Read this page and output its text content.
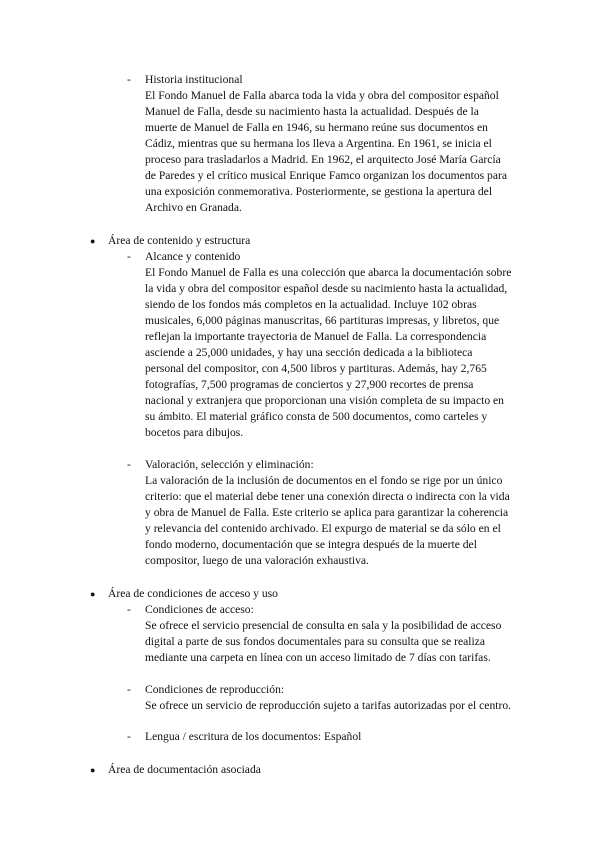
- Historia institucional
El Fondo Manuel de Falla abarca toda la vida y obra del compositor español
Manuel de Falla, desde su nacimiento hasta la actualidad. Después de la
muerte de Manuel de Falla en 1946, su hermano reúne sus documentos en
Cádiz, mientras que su hermana los lleva a Argentina. En 1961, se inicia el
proceso para trasladarlos a Madrid. En 1962, el arquitecto José María García
de Paredes y el crítico musical Enrique Famco organizan los documentos para
una exposición conmemorativa. Posteriormente, se gestiona la apertura del
Archivo en Granada.
● Área de contenido y estructura
- Alcance y contenido
El Fondo Manuel de Falla es una colección que abarca la documentación sobre
la vida y obra del compositor español desde su nacimiento hasta la actualidad,
siendo de los fondos más completos en la actualidad. Incluye 102 obras
musicales, 6,000 páginas manuscritas, 66 partituras impresas, y libretos, que
reflejan la importante trayectoria de Manuel de Falla. La correspondencia
asciende a 25,000 unidades, y hay una sección dedicada a la biblioteca
personal del compositor, con 4,500 libros y partituras. Además, hay 2,765
fotografías, 7,500 programas de conciertos y 27,900 recortes de prensa
nacional y extranjera que proporcionan una visión completa de su impacto en
su ámbito. El material gráfico consta de 500 documentos, como carteles y
bocetos para dibujos.
- Valoración, selección y eliminación:
La valoración de la inclusión de documentos en el fondo se rige por un único
criterio: que el material debe tener una conexión directa o indirecta con la vida
y obra de Manuel de Falla. Este criterio se aplica para garantizar la coherencia
y relevancia del contenido archivado. El expurgo de material se da sólo en el
fondo moderno, documentación que se integra después de la muerte del
compositor, luego de una valoración exhaustiva.
● Área de condiciones de acceso y uso
- Condiciones de acceso:
Se ofrece el servicio presencial de consulta en sala y la posibilidad de acceso
digital a parte de sus fondos documentales para su consulta que se realiza
mediante una carpeta en línea con un acceso limitado de 7 días con tarifas.
- Condiciones de reproducción:
Se ofrece un servicio de reproducción sujeto a tarifas autorizadas por el centro.
- Lengua / escritura de los documentos: Español
● Área de documentación asociada
